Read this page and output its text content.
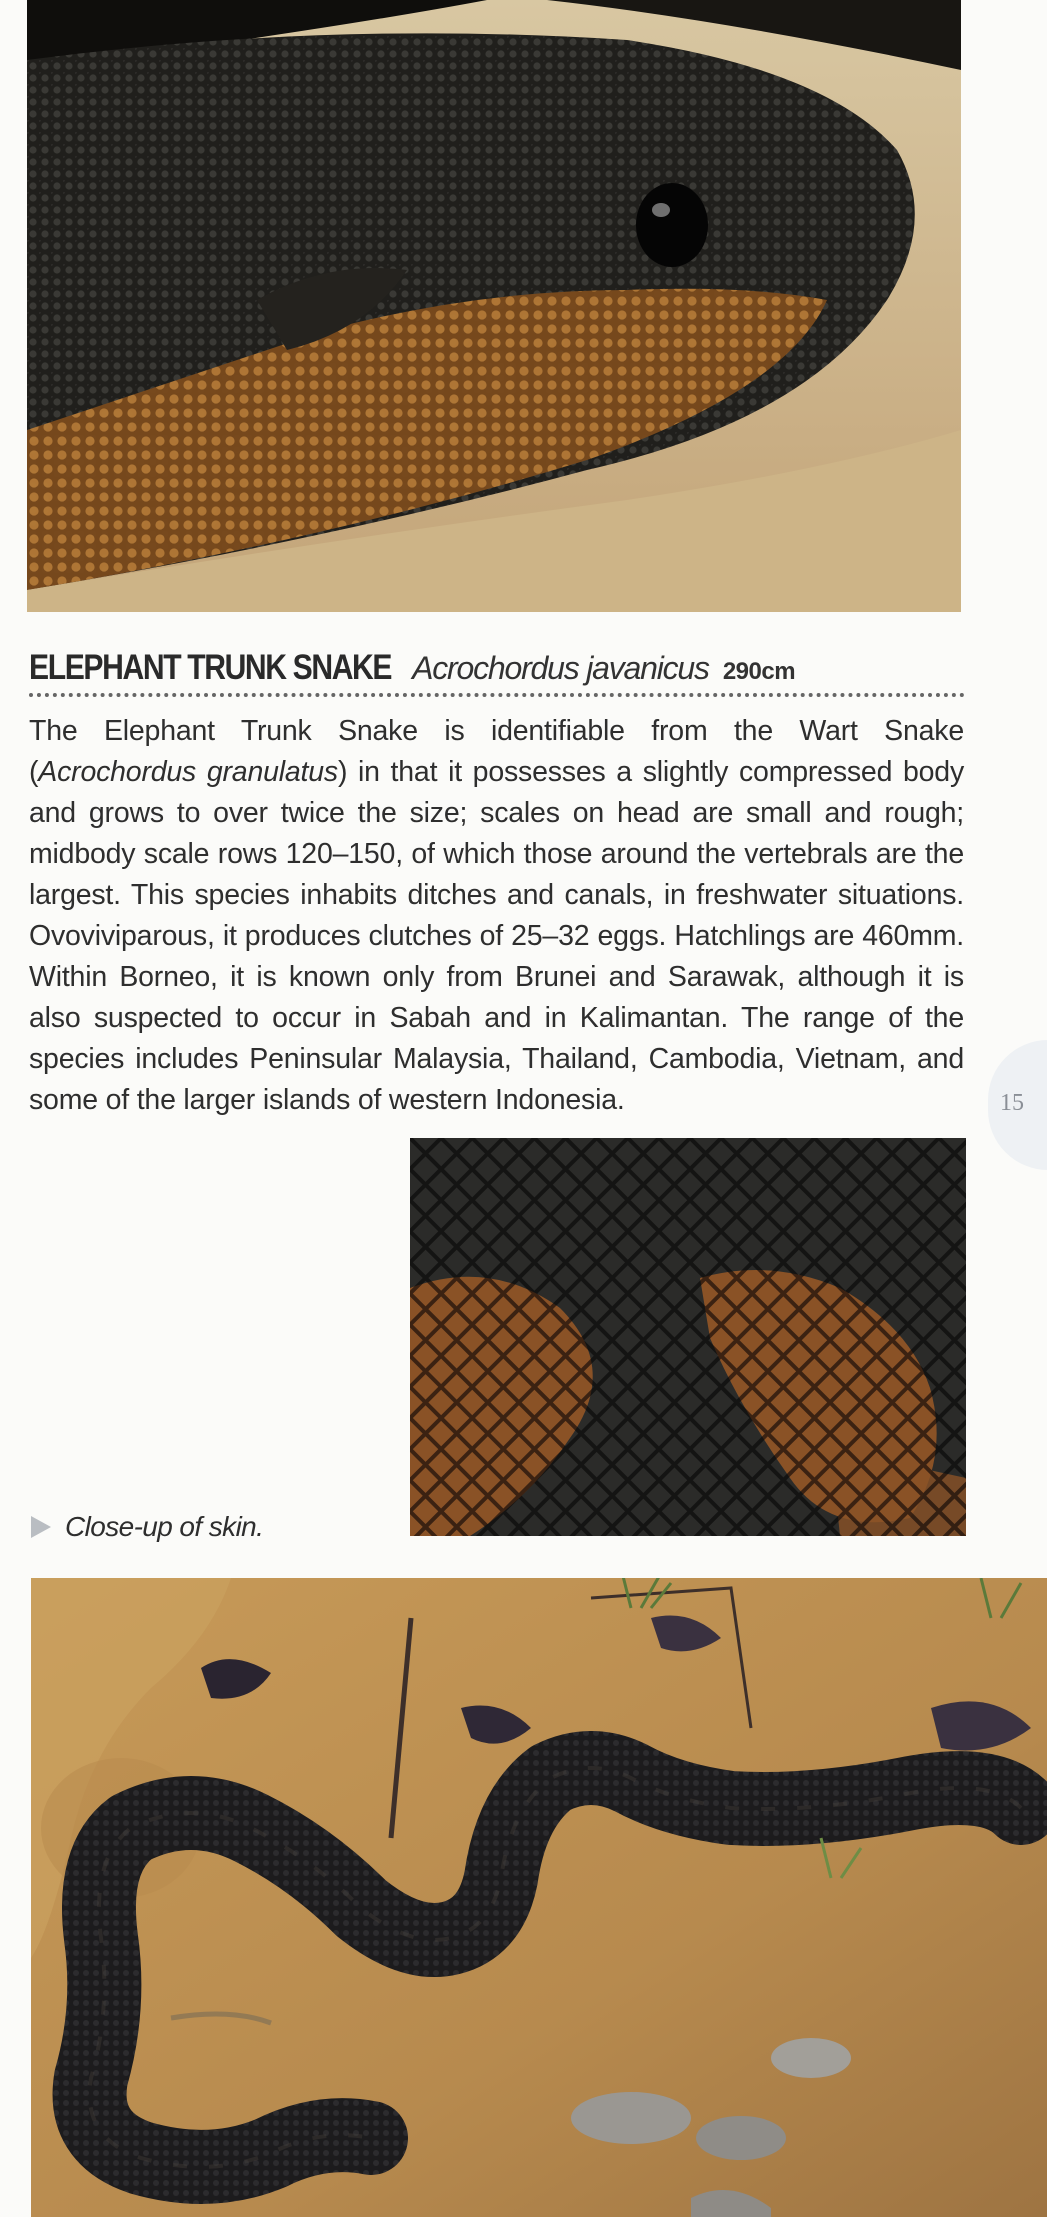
ELEPHANT TRUNK SNAKE Acrochordus javanicus 290cm
The Elephant Trunk Snake is identifiable from the Wart Snake (Acrochordus granulatus) in that it possesses a slightly compressed body and grows to over twice the size; scales on head are small and rough; midbody scale rows 120–150, of which those around the vertebrals are the largest. This species inhabits ditches and canals, in freshwater situations. Ovoviviparous, it produces clutches of 25–32 eggs. Hatchlings are 460mm. Within Borneo, it is known only from Brunei and Sarawak, although it is also suspected to occur in Sabah and in Kalimantan. The range of the species includes Peninsular Malaysia, Thailand, Cambodia, Vietnam, and some of the larger islands of western Indonesia.	15
Close-up of skin.
